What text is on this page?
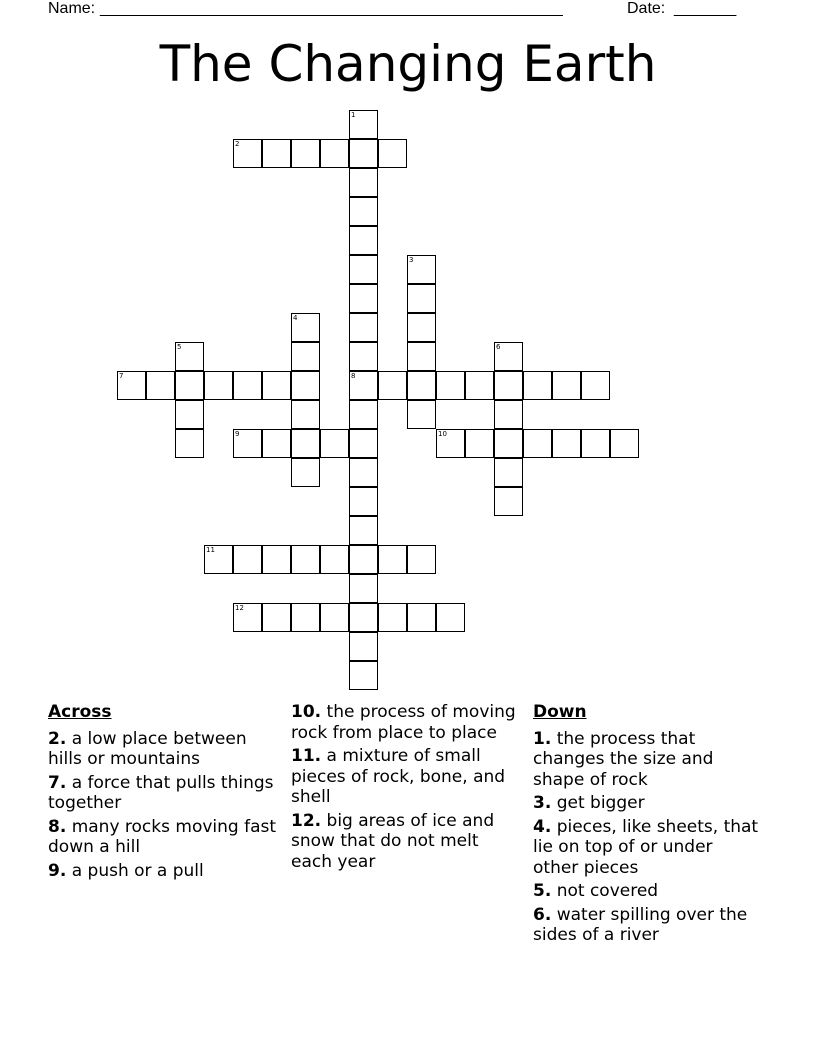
Name: ____________________________________________________	Date: _______
The Changing Earth
1
8
2
3
4
5	6
7
9	10
11
12
Across
2. a low place between hills or mountains
7. a force that pulls things together
8. many rocks moving fast down a hill
9. a push or a pull
10. the process of moving rock from place to place
11. a mixture of small pieces of rock, bone, and shell
12. big areas of ice and snow that do not melt each year
Down
1. the process that changes the size and shape of rock
3. get bigger
4. pieces, like sheets, that lie on top of or under other pieces
5. not covered
6. water spilling over the sides of a river
